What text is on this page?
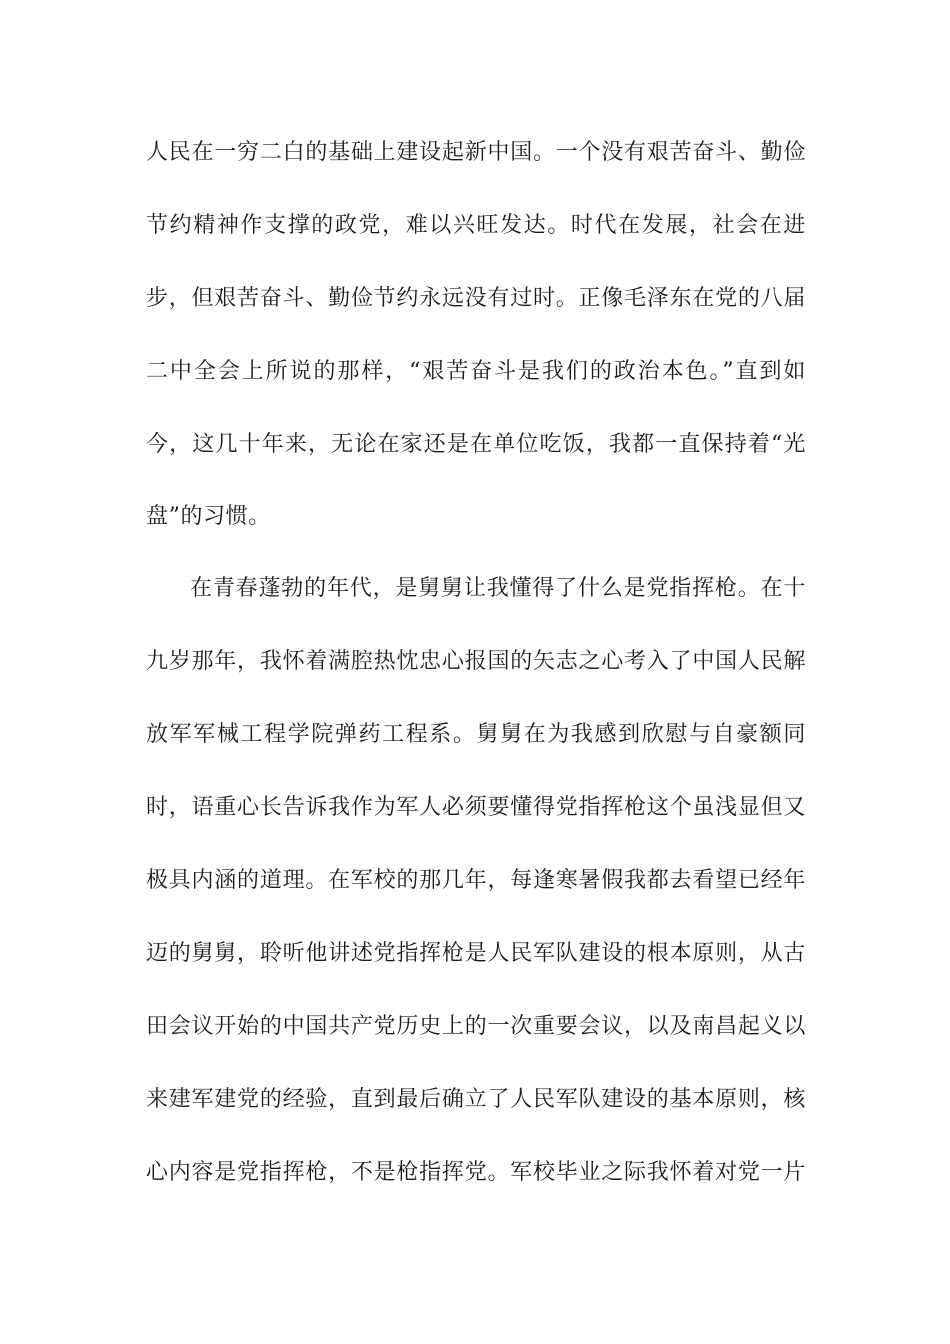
人民在一穷二白的基础上建设起新中国。一个没有艰苦奋斗、勤俭
节约精神作支撑的政党，难以兴旺发达。时代在发展，社会在进
步，但艰苦奋斗、勤俭节约永远没有过时。正像毛泽东在党的八届
二中全会上所说的那样，“艰苦奋斗是我们的政治本色。”直到如
今，这几十年来，无论在家还是在单位吃饭，我都一直保持着“光
盘”的习惯。
在青春蓬勃的年代，是舅舅让我懂得了什么是党指挥枪。在十
九岁那年，我怀着满腔热忱忠心报国的矢志之心考入了中国人民解
放军军械工程学院弹药工程系。舅舅在为我感到欣慰与自豪额同
时，语重心长告诉我作为军人必须要懂得党指挥枪这个虽浅显但又
极具内涵的道理。在军校的那几年，每逢寒暑假我都去看望已经年
迈的舅舅，聆听他讲述党指挥枪是人民军队建设的根本原则，从古
田会议开始的中国共产党历史上的一次重要会议，以及南昌起义以
来建军建党的经验，直到最后确立了人民军队建设的基本原则，核
心内容是党指挥枪，不是枪指挥党。军校毕业之际我怀着对党一片
